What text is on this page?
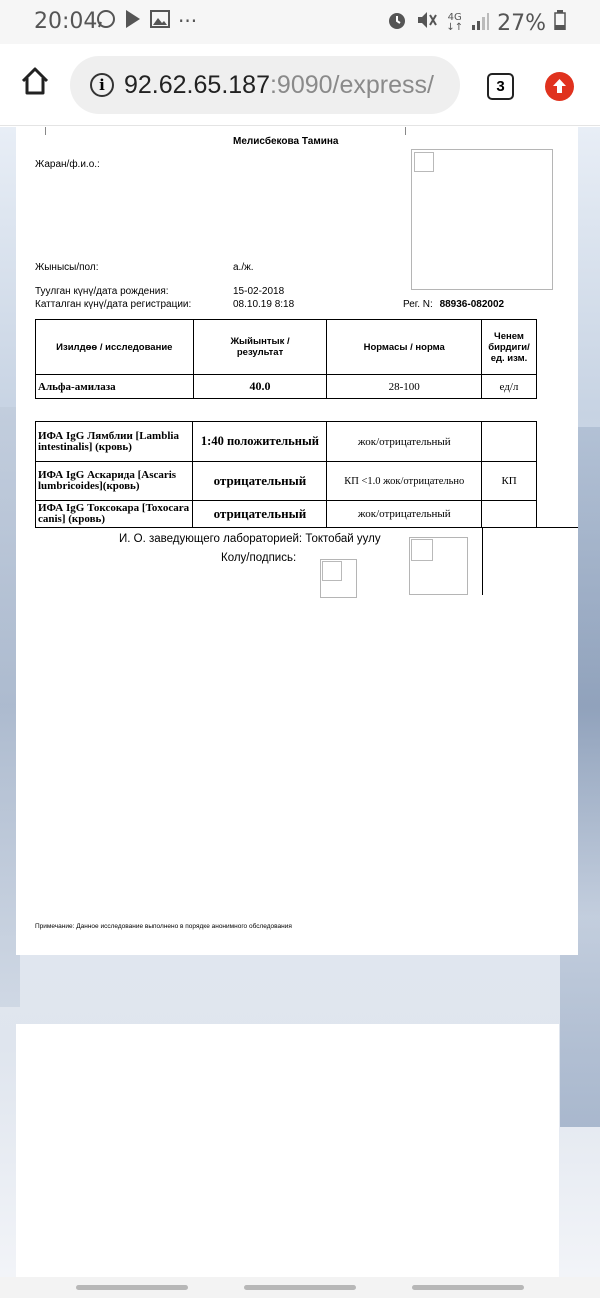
20:04	···	4G
↓↑ 27%
i 92.62.65.187 :9090/express/	3
Мелисбекова Тамина
Жаран/ф.и.о.:
Жынысы/пол:	а./ж.
Туулган күнү/дата рождения:	15-02-2018
Катталган күнү/дата регистрации:	08.10.19 8:18	Рег. N: 88936-082002
Изилдөө / исследование	Жыйынтык / результат	Нормасы / норма	Ченем бирдиги/ ед. изм.
Альфа-амилаза	40.0	28-100	ед/л
ИФА IgG Лямблии [Lamblia intestinalis] (кровь)	1:40 положительный	жок/отрицательный	
ИФА IgG Аскарида [Ascaris lumbricoides](кровь)	отрицательный	КП <1.0 жок/отрицательно	КП
ИФА IgG Токсокара [Toxocara canis] (кровь)	отрицательный	жок/отрицательный	
И. О. заведующего лабораторией: Токтобай уулу
Колу/подпись:
Примечание: Данное исследование выполнено в порядке анонимного обследования
